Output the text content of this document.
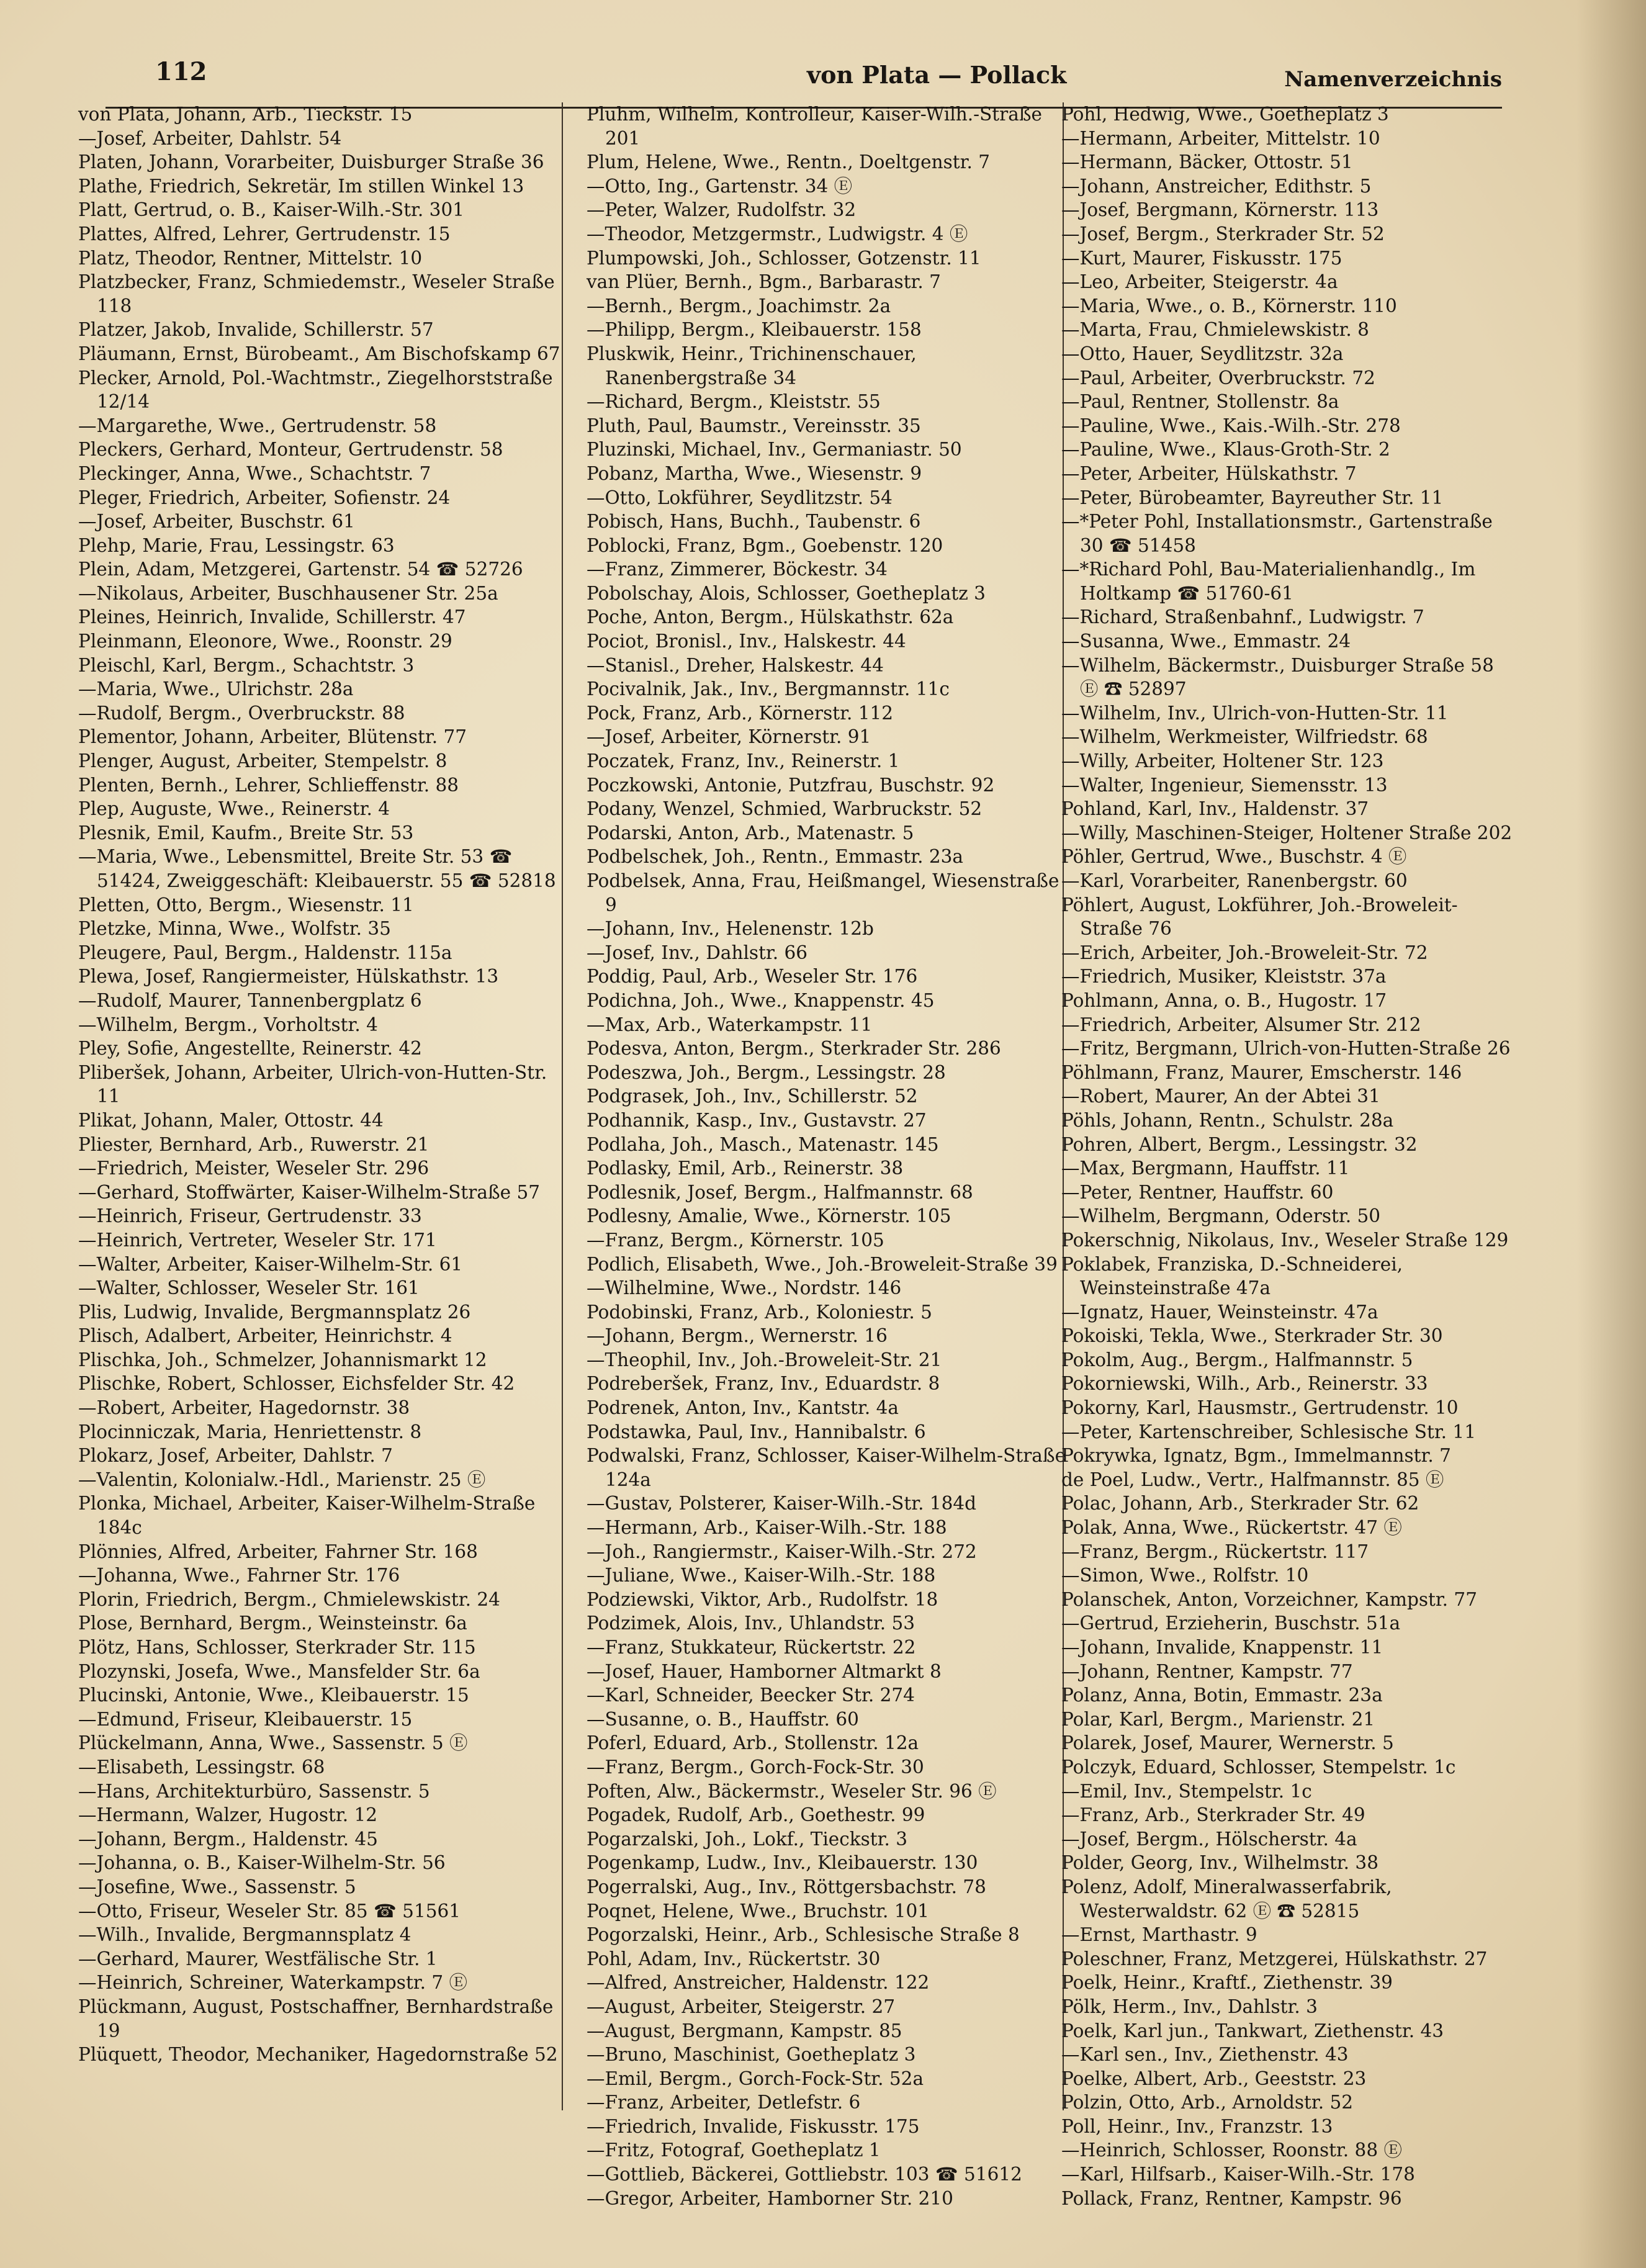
112	von Plata — Pollack	Namenverzeichnis

von Plata, Johann, Arb., Tieckstr. 15

—Josef, Arbeiter, Dahlstr. 54

Platen, Johann, Vorarbeiter, Duisburger Straße 36

Plathe, Friedrich, Sekretär, Im stillen Winkel 13

Platt, Gertrud, o. B., Kaiser-Wilh.-Str. 301

Plattes, Alfred, Lehrer, Gertrudenstr. 15

Platz, Theodor, Rentner, Mittelstr. 10

Platzbecker, Franz, Schmiedemstr., Weseler Straße 118

Platzer, Jakob, Invalide, Schillerstr. 57

Pläumann, Ernst, Bürobeamt., Am Bischofskamp 67

Plecker, Arnold, Pol.-Wachtmstr., Ziegelhorststraße 12/14

—Margarethe, Wwe., Gertrudenstr. 58

Pleckers, Gerhard, Monteur, Gertrudenstr. 58

Pleckinger, Anna, Wwe., Schachtstr. 7

Pleger, Friedrich, Arbeiter, Sofienstr. 24

—Josef, Arbeiter, Buschstr. 61

Plehp, Marie, Frau, Lessingstr. 63

Plein, Adam, Metzgerei, Gartenstr. 54 ☎ 52726

—Nikolaus, Arbeiter, Buschhausener Str. 25a

Pleines, Heinrich, Invalide, Schillerstr. 47

Pleinmann, Eleonore, Wwe., Roonstr. 29

Pleischl, Karl, Bergm., Schachtstr. 3

—Maria, Wwe., Ulrichstr. 28a

—Rudolf, Bergm., Overbruckstr. 88

Plementor, Johann, Arbeiter, Blütenstr. 77

Plenger, August, Arbeiter, Stempelstr. 8

Plenten, Bernh., Lehrer, Schlieffenstr. 88

Plep, Auguste, Wwe., Reinerstr. 4

Plesnik, Emil, Kaufm., Breite Str. 53

—Maria, Wwe., Lebensmittel, Breite Str. 53 ☎ 51424, Zweiggeschäft: Kleibauerstr. 55 ☎ 52818

Pletten, Otto, Bergm., Wiesenstr. 11

Pletzke, Minna, Wwe., Wolfstr. 35

Pleugere, Paul, Bergm., Haldenstr. 115a

Plewa, Josef, Rangiermeister, Hülskathstr. 13

—Rudolf, Maurer, Tannenbergplatz 6

—Wilhelm, Bergm., Vorholtstr. 4

Pley, Sofie, Angestellte, Reinerstr. 42

Pliberšek, Johann, Arbeiter, Ulrich-von-Hutten-Str. 11

Plikat, Johann, Maler, Ottostr. 44

Pliester, Bernhard, Arb., Ruwerstr. 21

—Friedrich, Meister, Weseler Str. 296

—Gerhard, Stoffwärter, Kaiser-Wilhelm-Straße 57

—Heinrich, Friseur, Gertrudenstr. 33

—Heinrich, Vertreter, Weseler Str. 171

—Walter, Arbeiter, Kaiser-Wilhelm-Str. 61

—Walter, Schlosser, Weseler Str. 161

Plis, Ludwig, Invalide, Bergmannsplatz 26

Plisch, Adalbert, Arbeiter, Heinrichstr. 4

Plischka, Joh., Schmelzer, Johannismarkt 12

Plischke, Robert, Schlosser, Eichsfelder Str. 42

—Robert, Arbeiter, Hagedornstr. 38

Plocinniczak, Maria, Henriettenstr. 8

Plokarz, Josef, Arbeiter, Dahlstr. 7

—Valentin, Kolonialw.-Hdl., Marienstr. 25 Ⓔ

Plonka, Michael, Arbeiter, Kaiser-Wilhelm-Straße 184c

Plönnies, Alfred, Arbeiter, Fahrner Str. 168

—Johanna, Wwe., Fahrner Str. 176

Plorin, Friedrich, Bergm., Chmielewskistr. 24

Plose, Bernhard, Bergm., Weinsteinstr. 6a

Plötz, Hans, Schlosser, Sterkrader Str. 115

Plozynski, Josefa, Wwe., Mansfelder Str. 6a

Plucinski, Antonie, Wwe., Kleibauerstr. 15

—Edmund, Friseur, Kleibauerstr. 15

Plückelmann, Anna, Wwe., Sassenstr. 5 Ⓔ

—Elisabeth, Lessingstr. 68

—Hans, Architekturbüro, Sassenstr. 5

—Hermann, Walzer, Hugostr. 12

—Johann, Bergm., Haldenstr. 45

—Johanna, o. B., Kaiser-Wilhelm-Str. 56

—Josefine, Wwe., Sassenstr. 5

—Otto, Friseur, Weseler Str. 85 ☎ 51561

—Wilh., Invalide, Bergmannsplatz 4

—Gerhard, Maurer, Westfälische Str. 1

—Heinrich, Schreiner, Waterkampstr. 7 Ⓔ

Plückmann, August, Postschaffner, Bernhardstraße 19

Plüquett, Theodor, Mechaniker, Hagedornstraße 52

Pluhm, Wilhelm, Kontrolleur, Kaiser-Wilh.-Straße 201

Plum, Helene, Wwe., Rentn., Doeltgenstr. 7

—Otto, Ing., Gartenstr. 34 Ⓔ

—Peter, Walzer, Rudolfstr. 32

—Theodor, Metzgermstr., Ludwigstr. 4 Ⓔ

Plumpowski, Joh., Schlosser, Gotzenstr. 11

van Plüer, Bernh., Bgm., Barbarastr. 7

—Bernh., Bergm., Joachimstr. 2a

—Philipp, Bergm., Kleibauerstr. 158

Pluskwik, Heinr., Trichinenschauer, Ranenbergstraße 34

—Richard, Bergm., Kleiststr. 55

Pluth, Paul, Baumstr., Vereinsstr. 35

Pluzinski, Michael, Inv., Germaniastr. 50

Pobanz, Martha, Wwe., Wiesenstr. 9

—Otto, Lokführer, Seydlitzstr. 54

Pobisch, Hans, Buchh., Taubenstr. 6

Poblocki, Franz, Bgm., Goebenstr. 120

—Franz, Zimmerer, Böckestr. 34

Pobolschay, Alois, Schlosser, Goetheplatz 3

Poche, Anton, Bergm., Hülskathstr. 62a

Pociot, Bronisl., Inv., Halskestr. 44

—Stanisl., Dreher, Halskestr. 44

Pocivalnik, Jak., Inv., Bergmannstr. 11c

Pock, Franz, Arb., Körnerstr. 112

—Josef, Arbeiter, Körnerstr. 91

Poczatek, Franz, Inv., Reinerstr. 1

Poczkowski, Antonie, Putzfrau, Buschstr. 92

Podany, Wenzel, Schmied, Warbruckstr. 52

Podarski, Anton, Arb., Matenastr. 5

Podbelschek, Joh., Rentn., Emmastr. 23a

Podbelsek, Anna, Frau, Heißmangel, Wiesenstraße 9

—Johann, Inv., Helenenstr. 12b

—Josef, Inv., Dahlstr. 66

Poddig, Paul, Arb., Weseler Str. 176

Podichna, Joh., Wwe., Knappenstr. 45

—Max, Arb., Waterkampstr. 11

Podesva, Anton, Bergm., Sterkrader Str. 286

Podeszwa, Joh., Bergm., Lessingstr. 28

Podgrasek, Joh., Inv., Schillerstr. 52

Podhannik, Kasp., Inv., Gustavstr. 27

Podlaha, Joh., Masch., Matenastr. 145

Podlasky, Emil, Arb., Reinerstr. 38

Podlesnik, Josef, Bergm., Halfmannstr. 68

Podlesny, Amalie, Wwe., Körnerstr. 105

—Franz, Bergm., Körnerstr. 105

Podlich, Elisabeth, Wwe., Joh.-Broweleit-Straße 39

—Wilhelmine, Wwe., Nordstr. 146

Podobinski, Franz, Arb., Koloniestr. 5

—Johann, Bergm., Wernerstr. 16

—Theophil, Inv., Joh.-Broweleit-Str. 21

Podreberšek, Franz, Inv., Eduardstr. 8

Podrenek, Anton, Inv., Kantstr. 4a

Podstawka, Paul, Inv., Hannibalstr. 6

Podwalski, Franz, Schlosser, Kaiser-Wilhelm-Straße 124a

—Gustav, Polsterer, Kaiser-Wilh.-Str. 184d

—Hermann, Arb., Kaiser-Wilh.-Str. 188

—Joh., Rangiermstr., Kaiser-Wilh.-Str. 272

—Juliane, Wwe., Kaiser-Wilh.-Str. 188

Podziewski, Viktor, Arb., Rudolfstr. 18

Podzimek, Alois, Inv., Uhlandstr. 53

—Franz, Stukkateur, Rückertstr. 22

—Josef, Hauer, Hamborner Altmarkt 8

—Karl, Schneider, Beecker Str. 274

—Susanne, o. B., Hauffstr. 60

Poferl, Eduard, Arb., Stollenstr. 12a

—Franz, Bergm., Gorch-Fock-Str. 30

Poften, Alw., Bäckermstr., Weseler Str. 96 Ⓔ

Pogadek, Rudolf, Arb., Goethestr. 99

Pogarzalski, Joh., Lokf., Tieckstr. 3

Pogenkamp, Ludw., Inv., Kleibauerstr. 130

Pogerralski, Aug., Inv., Röttgersbachstr. 78

Poqnet, Helene, Wwe., Bruchstr. 101

Pogorzalski, Heinr., Arb., Schlesische Straße 8

Pohl, Adam, Inv., Rückertstr. 30

—Alfred, Anstreicher, Haldenstr. 122

—August, Arbeiter, Steigerstr. 27

—August, Bergmann, Kampstr. 85

—Bruno, Maschinist, Goetheplatz 3

—Emil, Bergm., Gorch-Fock-Str. 52a

—Franz, Arbeiter, Detlefstr. 6

—Friedrich, Invalide, Fiskusstr. 175

—Fritz, Fotograf, Goetheplatz 1

—Gottlieb, Bäckerei, Gottliebstr. 103 ☎ 51612

—Gregor, Arbeiter, Hamborner Str. 210

Pohl, Hedwig, Wwe., Goetheplatz 3

—Hermann, Arbeiter, Mittelstr. 10

—Hermann, Bäcker, Ottostr. 51

—Johann, Anstreicher, Edithstr. 5

—Josef, Bergmann, Körnerstr. 113

—Josef, Bergm., Sterkrader Str. 52

—Kurt, Maurer, Fiskusstr. 175

—Leo, Arbeiter, Steigerstr. 4a

—Maria, Wwe., o. B., Körnerstr. 110

—Marta, Frau, Chmielewskistr. 8

—Otto, Hauer, Seydlitzstr. 32a

—Paul, Arbeiter, Overbruckstr. 72

—Paul, Rentner, Stollenstr. 8a

—Pauline, Wwe., Kais.-Wilh.-Str. 278

—Pauline, Wwe., Klaus-Groth-Str. 2

—Peter, Arbeiter, Hülskathstr. 7

—Peter, Bürobeamter, Bayreuther Str. 11

—*Peter Pohl, Installationsmstr., Gartenstraße 30 ☎ 51458

—*Richard Pohl, Bau-Materialienhandlg., Im Holtkamp ☎ 51760-61

—Richard, Straßenbahnf., Ludwigstr. 7

—Susanna, Wwe., Emmastr. 24

—Wilhelm, Bäckermstr., Duisburger Straße 58 Ⓔ ☎ 52897

—Wilhelm, Inv., Ulrich-von-Hutten-Str. 11

—Wilhelm, Werkmeister, Wilfriedstr. 68

—Willy, Arbeiter, Holtener Str. 123

—Walter, Ingenieur, Siemensstr. 13

Pohland, Karl, Inv., Haldenstr. 37

—Willy, Maschinen-Steiger, Holtener Straße 202

Pöhler, Gertrud, Wwe., Buschstr. 4 Ⓔ

—Karl, Vorarbeiter, Ranenbergstr. 60

Pöhlert, August, Lokführer, Joh.-Broweleit-Straße 76

—Erich, Arbeiter, Joh.-Broweleit-Str. 72

—Friedrich, Musiker, Kleiststr. 37a

Pohlmann, Anna, o. B., Hugostr. 17

—Friedrich, Arbeiter, Alsumer Str. 212

—Fritz, Bergmann, Ulrich-von-Hutten-Straße 26

Pöhlmann, Franz, Maurer, Emscherstr. 146

—Robert, Maurer, An der Abtei 31

Pöhls, Johann, Rentn., Schulstr. 28a

Pohren, Albert, Bergm., Lessingstr. 32

—Max, Bergmann, Hauffstr. 11

—Peter, Rentner, Hauffstr. 60

—Wilhelm, Bergmann, Oderstr. 50

Pokerschnig, Nikolaus, Inv., Weseler Straße 129

Poklabek, Franziska, D.-Schneiderei, Weinsteinstraße 47a

—Ignatz, Hauer, Weinsteinstr. 47a

Pokoiski, Tekla, Wwe., Sterkrader Str. 30

Pokolm, Aug., Bergm., Halfmannstr. 5

Pokorniewski, Wilh., Arb., Reinerstr. 33

Pokorny, Karl, Hausmstr., Gertrudenstr. 10

—Peter, Kartenschreiber, Schlesische Str. 11

Pokrywka, Ignatz, Bgm., Immelmannstr. 7

de Poel, Ludw., Vertr., Halfmannstr. 85 Ⓔ

Polac, Johann, Arb., Sterkrader Str. 62

Polak, Anna, Wwe., Rückertstr. 47 Ⓔ

—Franz, Bergm., Rückertstr. 117

—Simon, Wwe., Rolfstr. 10

Polanschek, Anton, Vorzeichner, Kampstr. 77

—Gertrud, Erzieherin, Buschstr. 51a

—Johann, Invalide, Knappenstr. 11

—Johann, Rentner, Kampstr. 77

Polanz, Anna, Botin, Emmastr. 23a

Polar, Karl, Bergm., Marienstr. 21

Polarek, Josef, Maurer, Wernerstr. 5

Polczyk, Eduard, Schlosser, Stempelstr. 1c

—Emil, Inv., Stempelstr. 1c

—Franz, Arb., Sterkrader Str. 49

—Josef, Bergm., Hölscherstr. 4a

Polder, Georg, Inv., Wilhelmstr. 38

Polenz, Adolf, Mineralwasserfabrik, Westerwaldstr. 62 Ⓔ ☎ 52815

—Ernst, Marthastr. 9

Poleschner, Franz, Metzgerei, Hülskathstr. 27

Poelk, Heinr., Kraftf., Ziethenstr. 39

Pölk, Herm., Inv., Dahlstr. 3

Poelk, Karl jun., Tankwart, Ziethenstr. 43

—Karl sen., Inv., Ziethenstr. 43

Poelke, Albert, Arb., Geeststr. 23

Polzin, Otto, Arb., Arnoldstr. 52

Poll, Heinr., Inv., Franzstr. 13

—Heinrich, Schlosser, Roonstr. 88 Ⓔ

—Karl, Hilfsarb., Kaiser-Wilh.-Str. 178

Pollack, Franz, Rentner, Kampstr. 96
